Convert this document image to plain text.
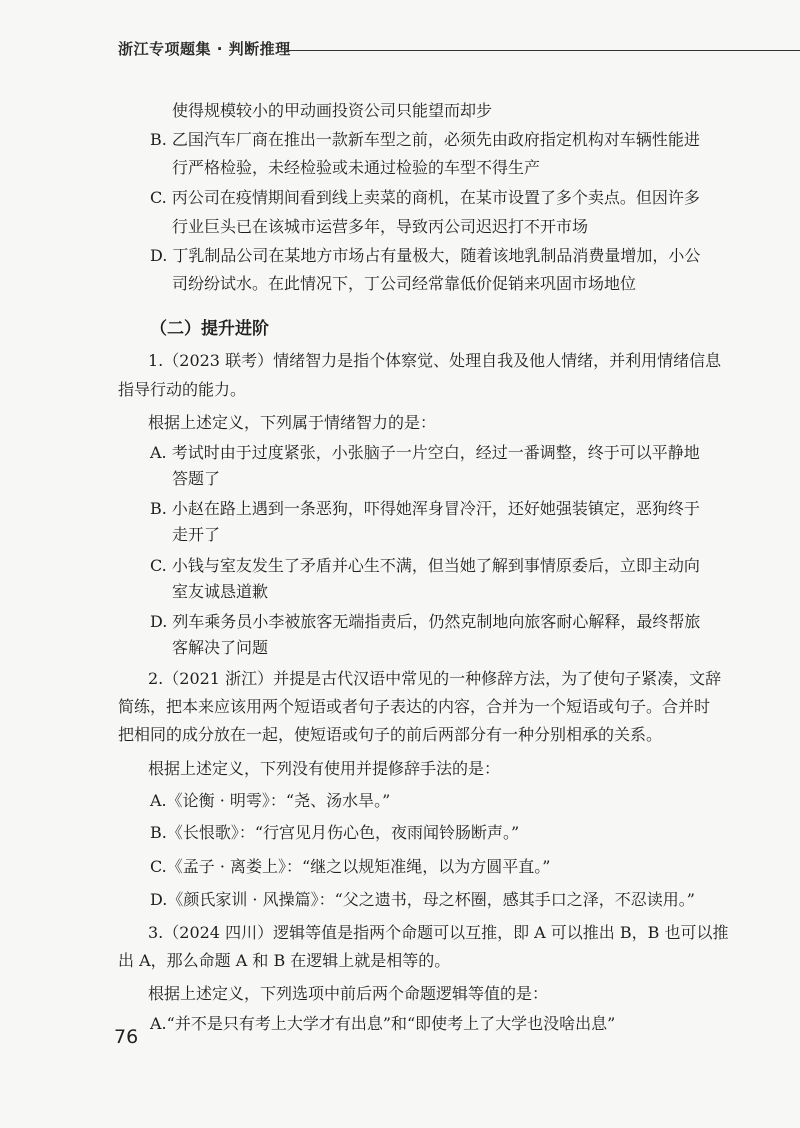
浙江专项题集 · 判断推理
使得规模较小的甲动画投资公司只能望而却步
B. 乙国汽车厂商在推出一款新车型之前，必须先由政府指定机构对车辆性能进
行严格检验，未经检验或未通过检验的车型不得生产
C. 丙公司在疫情期间看到线上卖菜的商机，在某市设置了多个卖点。但因许多
行业巨头已在该城市运营多年，导致丙公司迟迟打不开市场
D. 丁乳制品公司在某地方市场占有量极大，随着该地乳制品消费量增加，小公
司纷纷试水。在此情况下，丁公司经常靠低价促销来巩固市场地位
（二）提升进阶
1.（2023 联考）情绪智力是指个体察觉、处理自我及他人情绪，并利用情绪信息
指导行动的能力。
根据上述定义，下列属于情绪智力的是：
A. 考试时由于过度紧张，小张脑子一片空白，经过一番调整，终于可以平静地
答题了
B. 小赵在路上遇到一条恶狗，吓得她浑身冒冷汗，还好她强装镇定，恶狗终于
走开了
C. 小钱与室友发生了矛盾并心生不满，但当她了解到事情原委后，立即主动向
室友诚恳道歉
D. 列车乘务员小李被旅客无端指责后，仍然克制地向旅客耐心解释，最终帮旅
客解决了问题
2.（2021 浙江）并提是古代汉语中常见的一种修辞方法，为了使句子紧凑，文辞
简练，把本来应该用两个短语或者句子表达的内容，合并为一个短语或句子。合并时
把相同的成分放在一起，使短语或句子的前后两部分有一种分别相承的关系。
根据上述定义，下列没有使用并提修辞手法的是：
A.《论衡 · 明雩》：“尧、汤水旱。”
B.《长恨歌》：“行宫见月伤心色，夜雨闻铃肠断声。”
C.《孟子 · 离娄上》：“继之以规矩准绳，以为方圆平直。”
D.《颜氏家训 · 风操篇》：“父之遗书，母之杯圈，感其手口之泽，不忍读用。”
3.（2024 四川）逻辑等值是指两个命题可以互推，即 A 可以推出 B，B 也可以推
出 A，那么命题 A 和 B 在逻辑上就是相等的。
根据上述定义，下列选项中前后两个命题逻辑等值的是：
A.“并不是只有考上大学才有出息”和“即使考上了大学也没啥出息”
76
